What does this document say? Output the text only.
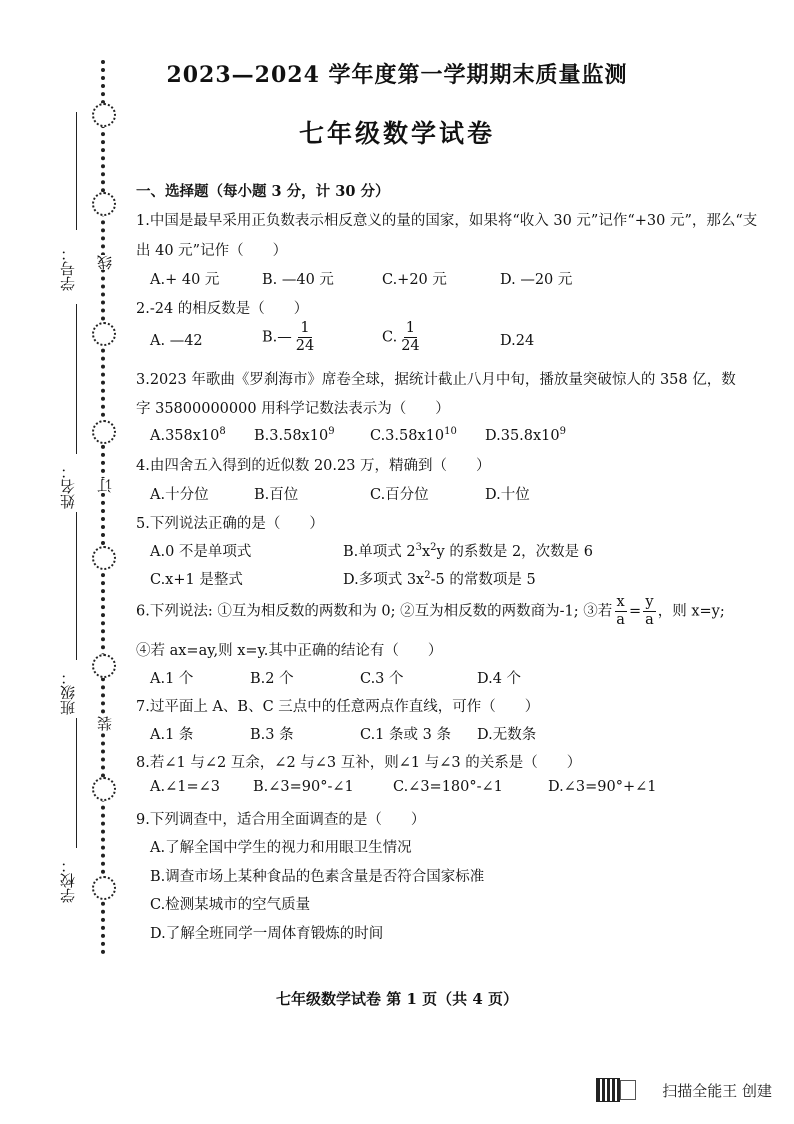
线
订
装
学号：
姓名：
班级：
学校：
2023—2024 学年度第一学期期末质量监测
七年级数学试卷
一、选择题（每小题 3 分，计 30 分）
1.中国是最早采用正负数表示相反意义的量的国家，如果将“收入 30 元”记作“+30 元”，那么“支
出 40 元”记作（　　）
A.+ 40 元	B. —40 元	C.+20 元	D. —20 元
2.-24 的相反数是（　　）
A. —42	B.— $\frac{1}{24}$	C. $\frac{1}{24}$	D.24
3.2023 年歌曲《罗刹海市》席卷全球，据统计截止八月中旬，播放量突破惊人的 358 亿，数
字 35800000000 用科学记数法表示为（　　）
$A.358x10^8$ $B.3.58x10^9$ $C.3.58x10^{10}$ $D.35.8x10^9$
4.由四舍五入得到的近似数 20.23 万，精确到（　　）
A.十分位	B.百位	C.百分位	D.十位
5.下列说法正确的是（　　）
A.0 不是单项式	B.单项式 $2^3x^2y$ 的系数是 2，次数是 6
C.x+1 是整式	D.多项式 $3x^2-5$ 的常数项是 5
6.下列说法: ①互为相反数的两数和为 0; ②互为相反数的两数商为-1; ③若 $\frac{x}{a} = \frac{y}{a}$ ，则 x=y;
④若 ax=ay,则 x=y.其中正确的结论有（　　）
A.1 个	B.2 个	C.3 个	D.4 个
7.过平面上 A、B、C 三点中的任意两点作直线，可作（　　）
A.1 条	B.3 条	C.1 条或 3 条 D.无数条
8.若∠1 与∠2 互余，∠2 与∠3 互补，则∠1 与∠3 的关系是（　　）
A.∠1=∠3 B.∠3=90°-∠1	C.∠3=180°-∠1	D.∠3=90°+∠1
9.下列调查中，适合用全面调查的是（　　）
A.了解全国中学生的视力和用眼卫生情况
B.调查市场上某种食品的色素含量是否符合国家标准
C.检测某城市的空气质量
D.了解全班同学一周体育锻炼的时间
七年级数学试卷 第 1 页（共 4 页）
扫描全能王 创建
